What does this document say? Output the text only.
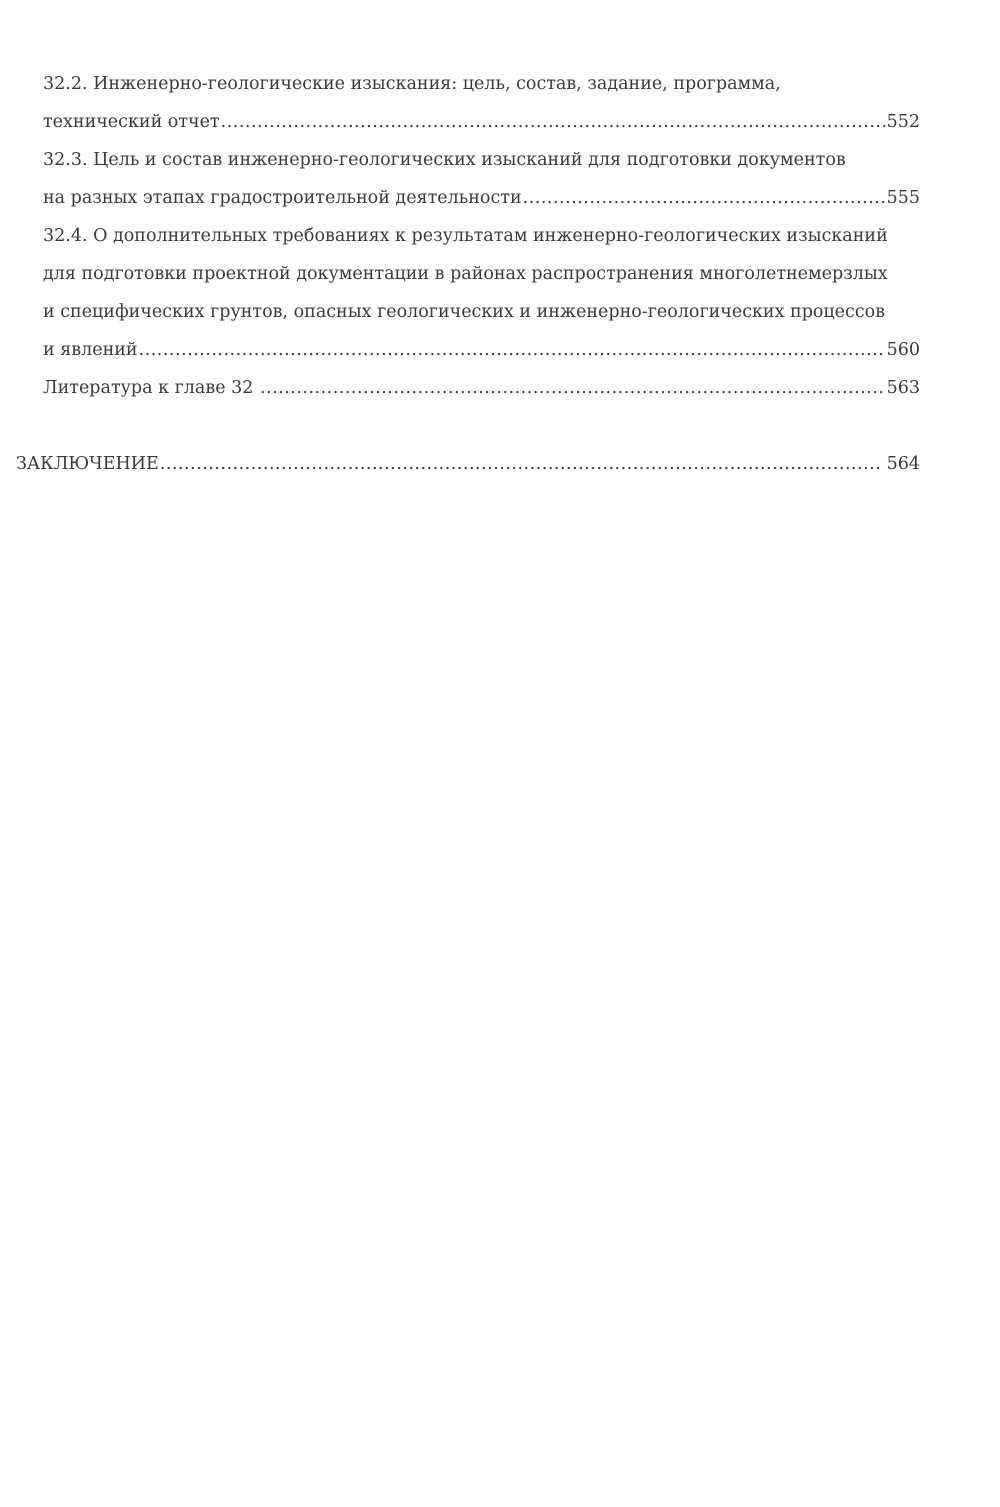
32.2. Инженерно-геологические изыскания: цель, состав, задание, программа,
технический отчет .....	552
32.3. Цель и состав инженерно-геологических изысканий для подготовки документов
на разных этапах градостроительной деятельности .....	555
32.4. О дополнительных требованиях к результатам инженерно-геологических изысканий
для подготовки проектной документации в районах распространения многолетнемерзлых
и специфических грунтов, опасных геологических и инженерно-геологических процессов
и явлений .....	560
Литература к главе 32 .....	563
ЗАКЛЮЧЕНИЕ .....	564
